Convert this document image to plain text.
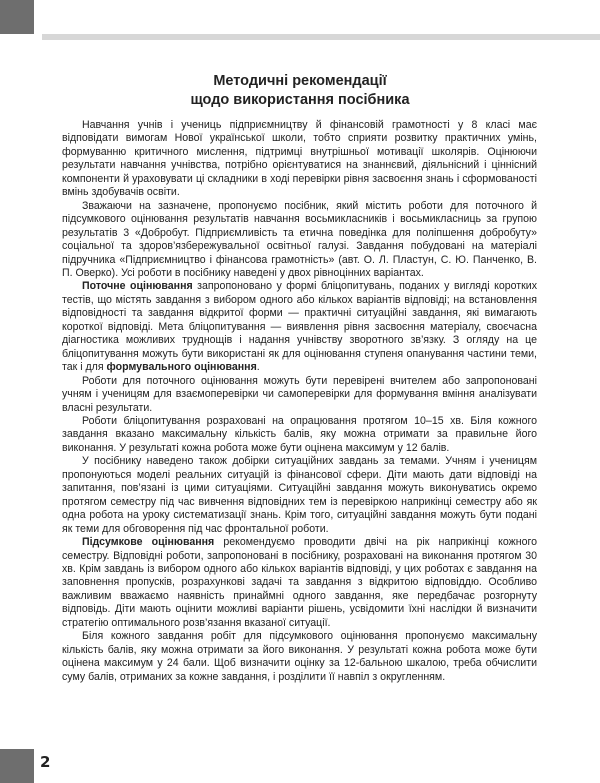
Методичні рекомендації
щодо використання посібника

Навчання учнів і учениць підприємництву й фінансовій грамотності у 8 класі має відповідати вимогам Нової української школи, тобто сприяти розвитку практичних умінь, формуванню критичного мислення, підтримці внутрішньої мотивації школярів. Оцінюючи результати навчання учнівства, потрібно орієнтуватися на знаннєвий, діяльнісний і ціннісний компоненти й ураховувати ці складники в ході перевірки рівня засвоєння знань і сформованості вмінь здобувачів освіти.

Зважаючи на зазначене, пропонуємо посібник, який містить роботи для поточного й підсумкового оцінювання результатів навчання восьмикласників і восьмикласниць за групою результатів 3 «Добробут. Підприємливість та етична поведінка для поліпшення добробуту» соціальної та здоров’язбережувальної освітньої галузі. Завдання побудовані на матеріалі підручника «Підприємництво і фінансова грамотність» (авт. О. Л. Пластун, С. Ю. Панченко, В. П. Оверко). Усі роботи в посібнику наведені у двох рівноцінних варіантах.

Поточне оцінювання запропоновано у формі бліцопитувань, поданих у вигляді коротких тестів, що містять завдання з вибором одного або кількох варіантів відповіді; на встановлення відповідності та завдання відкритої форми — практичні ситуаційні завдання, які вимагають короткої відповіді. Мета бліцопитування — виявлення рівня засвоєння матеріалу, своєчасна діагностика можливих труднощів і надання учнівству зворотного зв’язку. З огляду на це бліцопитування можуть бути використані як для оцінювання ступеня опанування частини теми, так і для формувального оцінювання.

Роботи для поточного оцінювання можуть бути перевірені вчителем або запропоновані учням і ученицям для взаємоперевірки чи самоперевірки для формування вміння аналізувати власні результати.

Роботи бліцопитування розраховані на опрацювання протягом 10–15 хв. Біля кожного завдання вказано максимальну кількість балів, яку можна отримати за правильне його виконання. У результаті кожна робота може бути оцінена максимум у 12 балів.

У посібнику наведено також добірки ситуаційних завдань за темами. Учням і ученицям пропонуються моделі реальних ситуацій із фінансової сфери. Діти мають дати відповіді на запитання, пов’язані із цими ситуаціями. Ситуаційні завдання можуть виконуватись окремо протягом семестру під час вивчення відповідних тем із перевіркою наприкінці семестру або як одна робота на уроку систематизації знань. Крім того, ситуаційні завдання можуть бути подані як теми для обговорення під час фронтальної роботи.

Підсумкове оцінювання рекомендуємо проводити двічі на рік наприкінці кожного семестру. Відповідні роботи, запропоновані в посібнику, розраховані на виконання протягом 30 хв. Крім завдань із вибором одного або кількох варіантів відповіді, у цих роботах є завдання на заповнення пропусків, розрахункові задачі та завдання з відкритою відповіддю. Особливо важливим вважаємо наявність принаймні одного завдання, яке передбачає розгорнуту відповідь. Діти мають оцінити можливі варіанти рішень, усвідомити їхні наслідки й визначити стратегію оптимального розв’язання вказаної ситуації.

Біля кожного завдання робіт для підсумкового оцінювання пропонуємо максимальну кількість балів, яку можна отримати за його виконання. У результаті кожна робота може бути оцінена максимум у 24 бали. Щоб визначити оцінку за 12-бальною шкалою, треба обчислити суму балів, отриманих за кожне завдання, і розділити її навпіл з округленням.

2
